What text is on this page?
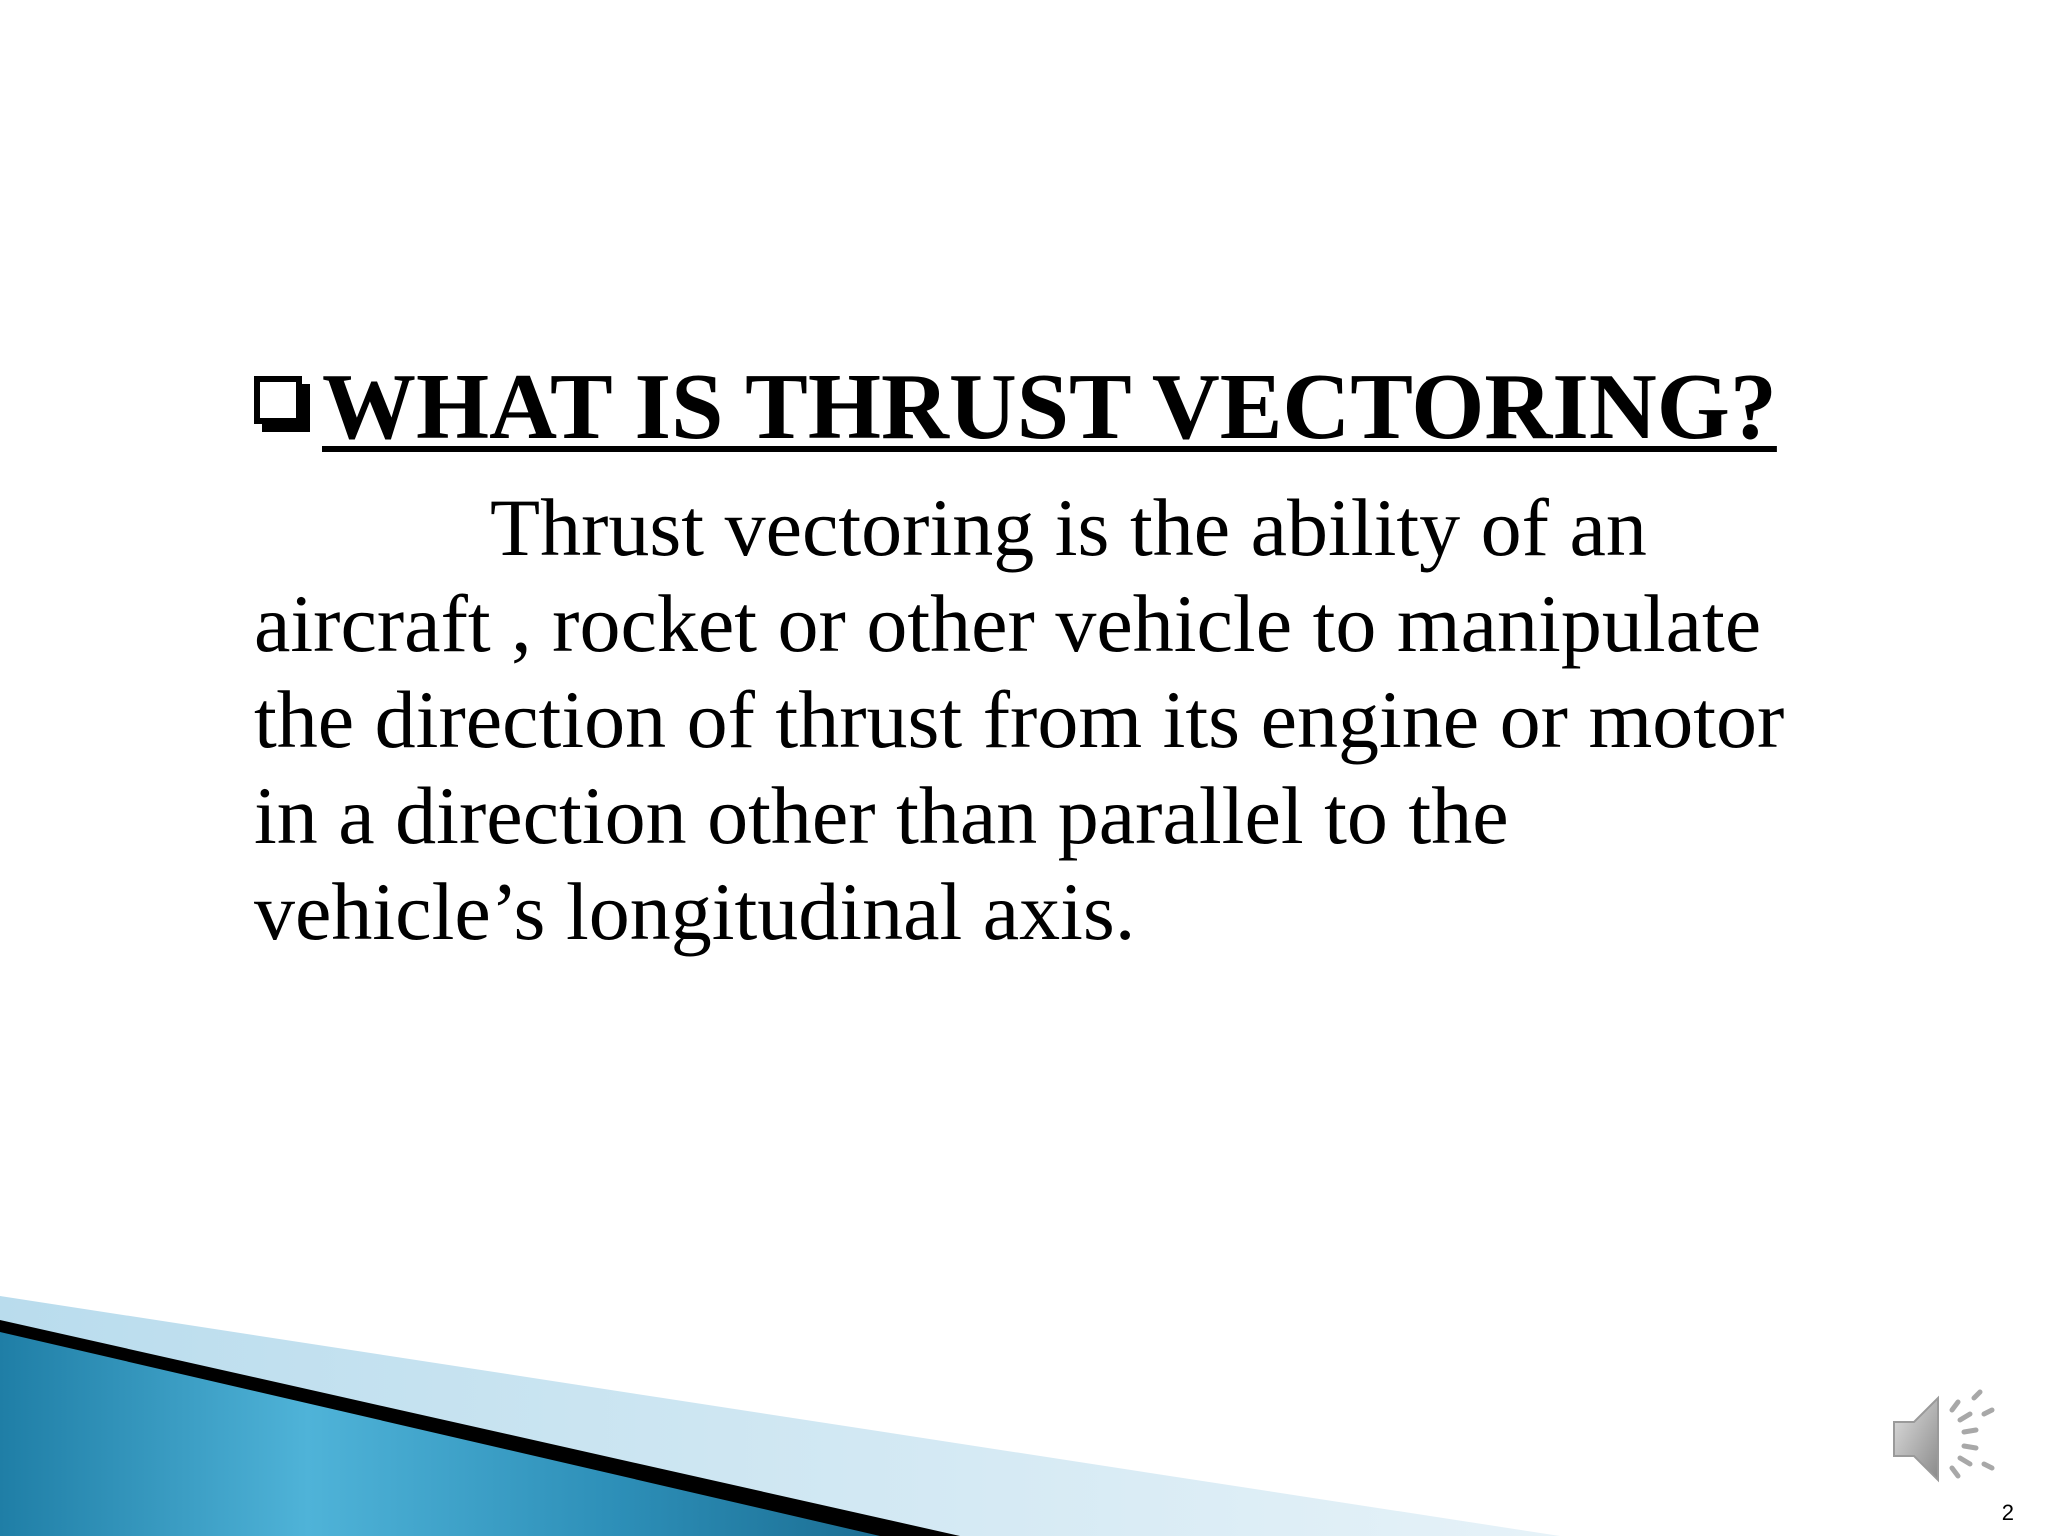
WHAT IS THRUST VECTORING?

Thrust vectoring is the ability of an aircraft , rocket or other vehicle to manipulate the direction of thrust from its engine or motor in a direction other than parallel to the vehicle’s longitudinal axis.

2
